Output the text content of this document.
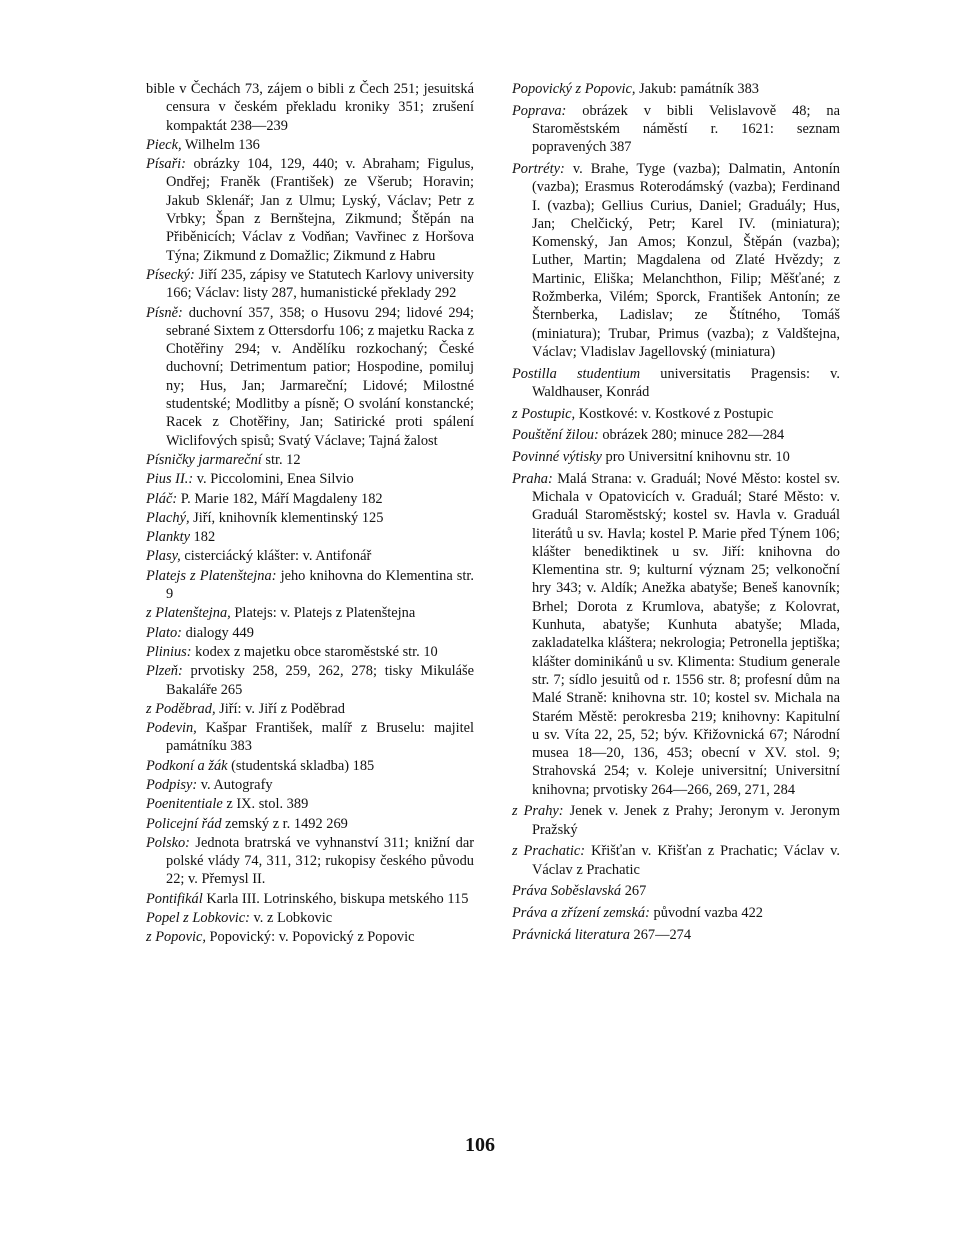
bible v Čechách 73, zájem o bibli z Čech 251; jesuitská censura v českém překladu kroniky 351; zrušení kompaktát 238—239

Pieck, Wilhelm 136

Písaři: obrázky 104, 129, 440; v. Abraham; Figulus, Ondřej; Franěk (František) ze Všerub; Horavin; Jakub Sklenář; Jan z Ulmu; Lyský, Václav; Petr z Vrbky; Špan z Bernštejna, Zikmund; Štěpán na Přiběnicích; Václav z Vodňan; Vavřinec z Horšova Týna; Zikmund z Domažlic; Zikmund z Habru

Písecký: Jiří 235, zápisy ve Statutech Karlovy university 166; Václav: listy 287, humanistické překlady 292

Písně: duchovní 357, 358; o Husovu 294; lidové 294; sebrané Sixtem z Ottersdorfu 106; z majetku Racka z Chotěřiny 294; v. Andělíku rozkochaný; České duchovní; Detrimentum patior; Hospodine, pomiluj ny; Hus, Jan; Jarmareční; Lidové; Milostné studentské; Modlitby a písně; O svolání konstancké; Racek z Chotěřiny, Jan; Satirické proti spálení Wiclifových spisů; Svatý Václave; Tajná žalost

Písničky jarmareční str. 12

Pius II.: v. Piccolomini, Enea Silvio

Pláč: P. Marie 182, Máří Magdaleny 182

Plachý, Jiří, knihovník klementinský 125

Plankty 182

Plasy, cisterciácký klášter: v. Antifonář

Platejs z Platenštejna: jeho knihovna do Klementina str. 9

z Platenštejna, Platejs: v. Platejs z Platenštejna

Plato: dialogy 449

Plinius: kodex z majetku obce staroměstské str. 10

Plzeň: prvotisky 258, 259, 262, 278; tisky Mikuláše Bakaláře 265

z Poděbrad, Jiří: v. Jiří z Poděbrad

Podevin, Kašpar František, malíř z Bruselu: majitel památníku 383

Podkoní a žák (studentská skladba) 185

Podpisy: v. Autografy

Poenitentiale z IX. stol. 389

Policejní řád zemský z r. 1492 269

Polsko: Jednota bratrská ve vyhnanství 311; knižní dar polské vlády 74, 311, 312; rukopisy českého původu 22; v. Přemysl II.

Pontifikál Karla III. Lotrinského, biskupa metského 115

Popel z Lobkovic: v. z Lobkovic

z Popovic, Popovický: v. Popovický z Popovic

Popovický z Popovic, Jakub: památník 383

Poprava: obrázek v bibli Velislavově 48; na Staroměstském náměstí r. 1621: seznam popravených 387

Portréty: v. Brahe, Tyge (vazba); Dalmatin, Antonín (vazba); Erasmus Roterodámský (vazba); Ferdinand I. (vazba); Gellius Curius, Daniel; Graduály; Hus, Jan; Chelčický, Petr; Karel IV. (miniatura); Komenský, Jan Amos; Konzul, Štěpán (vazba); Luther, Martin; Magdalena od Zlaté Hvězdy; z Martinic, Eliška; Melanchthon, Filip; Měšťané; z Rožmberka, Vilém; Sporck, František Antonín; ze Šternberka, Ladislav; ze Štítného, Tomáš (miniatura); Trubar, Primus (vazba); z Valdštejna, Václav; Vladislav Jagellovský (miniatura)

Postilla studentium universitatis Pragensis: v. Waldhauser, Konrád

z Postupic, Kostkové: v. Kostkové z Postupic

Pouštění žilou: obrázek 280; minuce 282—284

Povinné výtisky pro Universitní knihovnu str. 10

Praha: Malá Strana: v. Graduál; Nové Město: kostel sv. Michala v Opatovicích v. Graduál; Staré Město: v. Graduál Staroměstský; kostel sv. Havla v. Graduál literátů u sv. Havla; kostel P. Marie před Týnem 106; klášter benediktinek u sv. Jiří: knihovna do Klementina str. 9; kulturní význam 25; velkonoční hry 343; v. Aldík; Anežka abatyše; Beneš kanovník; Brhel; Dorota z Krumlova, abatyše; z Kolovrat, Kunhuta, abatyše; Kunhuta abatyše; Mlada, zakladatelka kláštera; nekrologia; Petronella jeptiška; klášter dominikánů u sv. Klimenta: Studium generale str. 7; sídlo jesuitů od r. 1556 str. 8; profesní dům na Malé Straně: knihovna str. 10; kostel sv. Michala na Starém Městě: perokresba 219; knihovny: Kapitulní u sv. Víta 22, 25, 52; býv. Křižovnická 67; Národní musea 18—20, 136, 453; obecní v XV. stol. 9; Strahovská 254; v. Koleje universitní; Universitní knihovna; prvotisky 264—266, 269, 271, 284

z Prahy: Jenek v. Jenek z Prahy; Jeronym v. Jeronym Pražský

z Prachatic: Křišťan v. Křišťan z Prachatic; Václav v. Václav z Prachatic

Práva Soběslavská 267

Práva a zřízení zemská: původní vazba 422

Právnická literatura 267—274

106
